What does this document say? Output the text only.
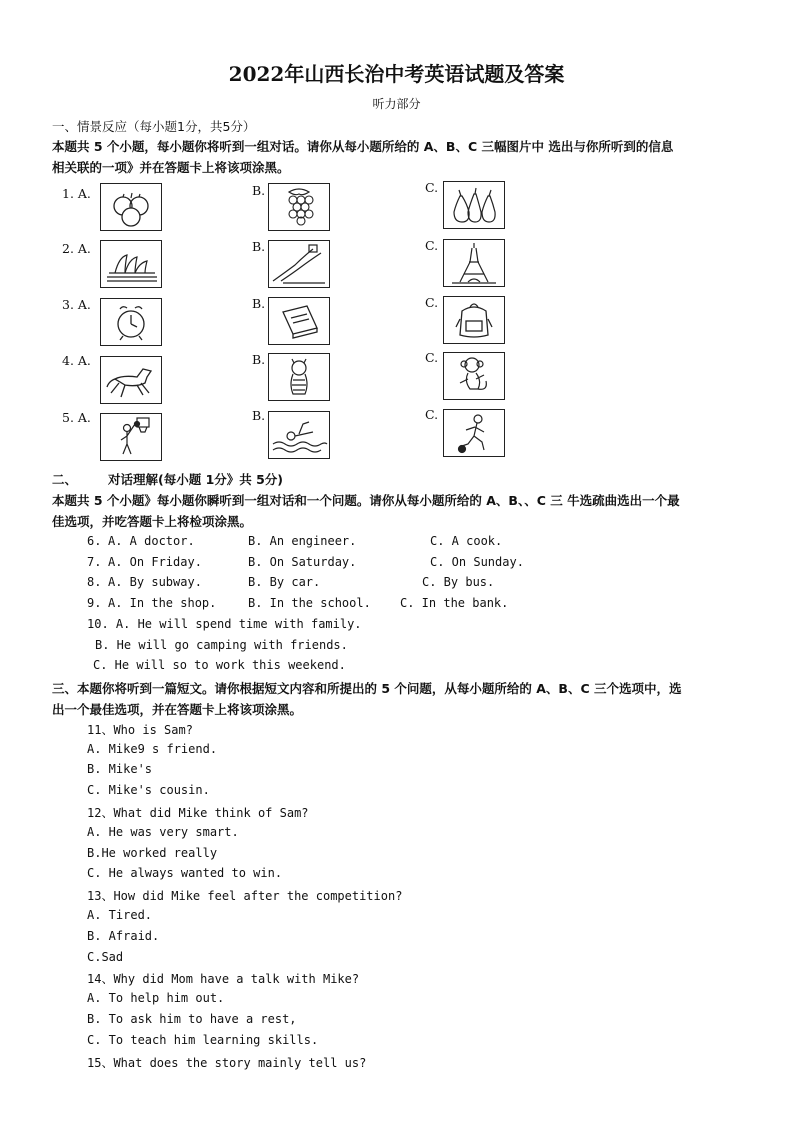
2022年山西长治中考英语试题及答案
听力部分
一、情景反应（每小题1分，共5分）
本题共 5 个小题，每小题你将听到一组对话。请你从每小题所给的 A、B、C 三幅图片中 选出与你所听到的信息
相关联的一项》并在答题卡上将该项涂黑。
1. A.	B.	C.
2. A.	B.	C.
3. A.	B.	C.
4. A.	B.	C.
5. A.	B.	C.
二、 对话理解(每小题 1分》共 5分)
本题共 5 个小题》每小题你瞬听到一组对话和一个问题。请你从每小题所给的 A、B、、C 三 牛选疏曲选出一个最
佳选项，并吃答题卡上将检项涂黑。
6. A. A doctor.	B. An engineer.	C. A cook.
7. A. On Friday.	B. On Saturday.	C. On Sunday.
8. A. By subway.	B. By car.	C. By bus.
9. A. In the shop.	B. In the school. C. In the bank.
10. A. He will spend time with family.
B. He will go camping with friends.
C. He will so to work this weekend.
三、本题你将听到一篇短文。请你根据短文内容和所提出的 5 个问题，从每小题所给的 A、B、C 三个选项中，选
出一个最佳选项，并在答题卡上将该项涂黑。
11、Who is Sam?
A. Mike9 s friend.
B. Mike's
C. Mike's cousin.
12、What did Mike think of Sam?
A. He was very smart.
B.He worked really
C. He always wanted to win.
13、How did Mike feel after the competition?
A. Tired.
B. Afraid.
C.Sad
14、Why did Mom have a talk with Mike?
A. To help him out.
B. To ask him to have a rest,
C. To teach him learning skills.
15、What does the story mainly tell us?
